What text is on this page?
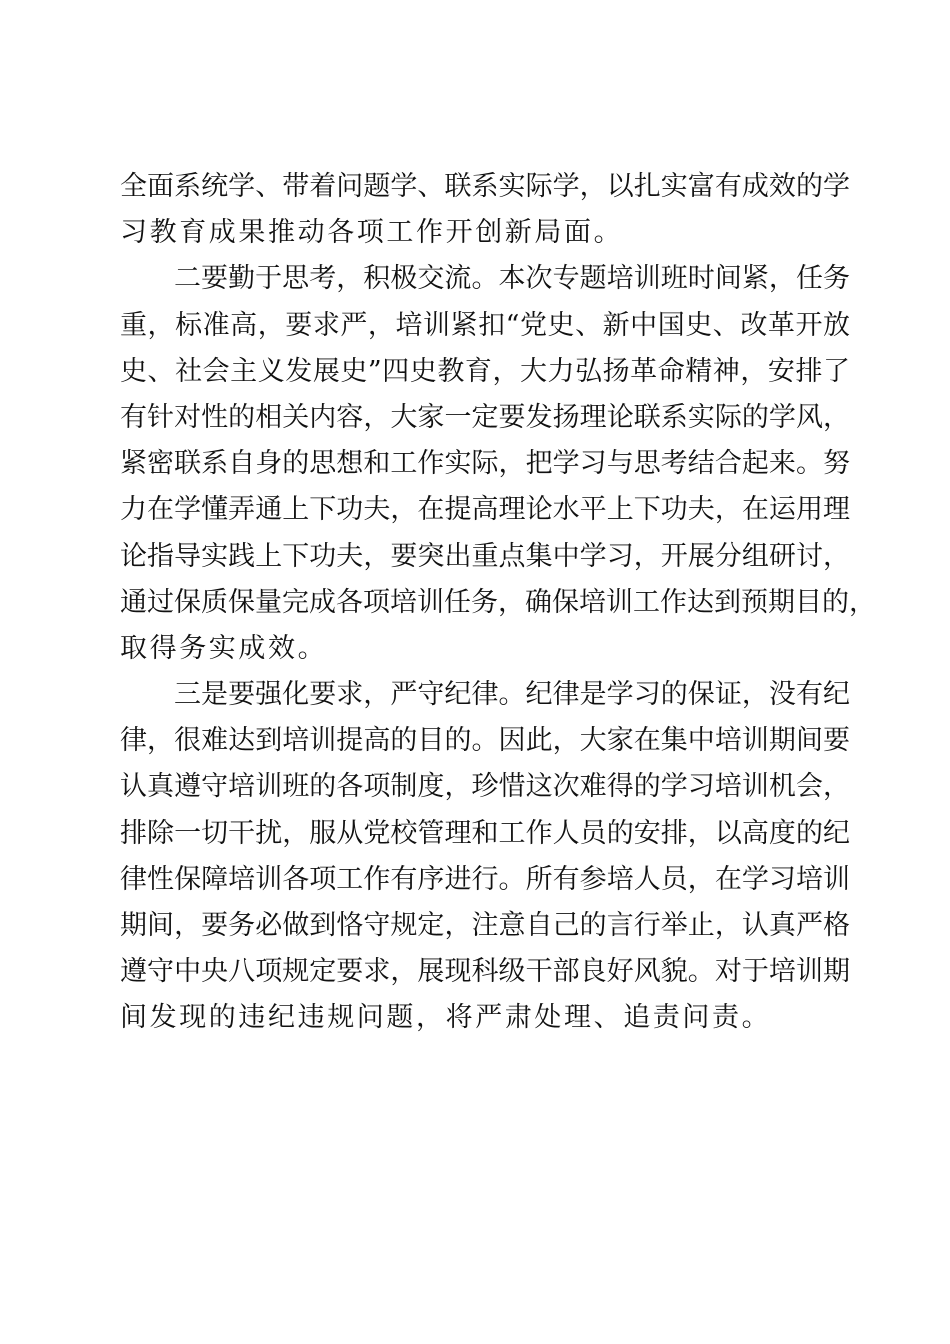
全面系统学、带着问题学、联系实际学，以扎实富有成效的学
习教育成果推动各项工作开创新局面。
二要勤于思考，积极交流。本次专题培训班时间紧，任务
重，标准高，要求严，培训紧扣“党史、新中国史、改革开放
史、社会主义发展史”四史教育，大力弘扬革命精神，安排了
有针对性的相关内容，大家一定要发扬理论联系实际的学风，
紧密联系自身的思想和工作实际，把学习与思考结合起来。努
力在学懂弄通上下功夫，在提高理论水平上下功夫，在运用理
论指导实践上下功夫，要突出重点集中学习，开展分组研讨，
通过保质保量完成各项培训任务，确保培训工作达到预期目的，
取得务实成效。
三是要强化要求，严守纪律。纪律是学习的保证，没有纪
律，很难达到培训提高的目的。因此，大家在集中培训期间要
认真遵守培训班的各项制度，珍惜这次难得的学习培训机会，
排除一切干扰，服从党校管理和工作人员的安排，以高度的纪
律性保障培训各项工作有序进行。所有参培人员，在学习培训
期间，要务必做到恪守规定，注意自己的言行举止，认真严格
遵守中央八项规定要求，展现科级干部良好风貌。对于培训期
间发现的违纪违规问题，将严肃处理、追责问责。
